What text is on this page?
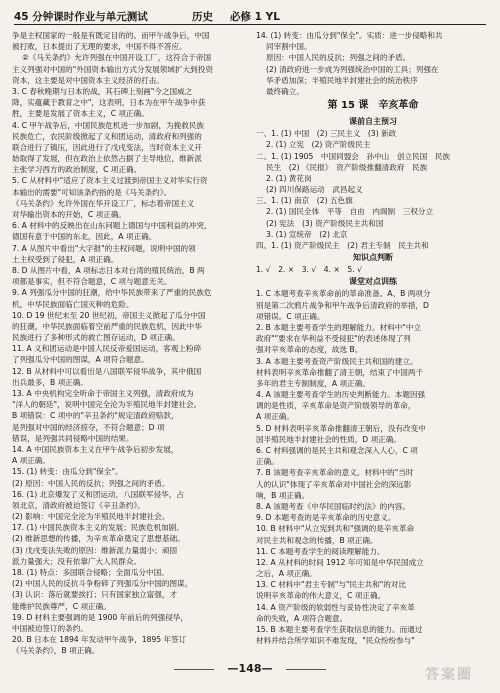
45 分钟课时作业与单元测试	历史 必修 1 YL
争是主权国家的一般是有既定目的的。而甲午战争后，中国
被打败，日本提出了无理的要求，中国不得不答应。
②《马关条约》允许列强在中国开设工厂，这符合于帝国
主义列强对中国的"外国资本输出方式分发展领域扩大到投资
资本，这主要是对中国资本主义经济的打击。
3. C 春秋晚期与日本的战，其石碑上刻画"今之国威之
降，实蕴藏于教育之中"，这表明，日本为在甲午战争中获
胜，主要是发展了资本主义，C 项正确。
4. C 甲午战争后，中国民族危机进一步加剧，为挽救民族
民族危亡，农民阶级掀起了义和团运动，清政府和列强的
联合进行了镇压，因此进行了戊戌变法，当时资本主义开
始取得了发展，但在政治上依然占据了主导地位，维新派
主张学习西方的政治制度，C 项正确。
5. C 从材料中"适应了资本主义过渡到帝国主义对华实行资
本输出的需要"可知该条约指的是《马关条约》。
《马关条约》允许外国在华开设工厂，标志着帝国主义
对华输出资本的开始，C 项正确。
6. A 材料中的反映出在山东问题上德国与中国利益的冲突，
德国有意于中国的东北，因此，A 项正确。
7. A 从图片中看出"大字报"的主权问题，说明中国的领
土主权受到了侵犯，A 项正确。
8. D 从图片中看，A 项标志日本对台湾的殖民统治，B 两
项都是事实，但不符合题意，C 项与题意无关。
9. A 列强瓜分中国的狂潮，给中华民族带来了严重的民族危
机，中华民族面临亡国灭种的危险。
10. D 19 世纪末至 20 世纪初，帝国主义掀起了瓜分中国
的狂潮，中华民族面临着空前严重的民族危机，因此中华
民族进行了多种形式的救亡图存运动，D 项正确。
11. A 义和团运动是中国人民反帝爱国运动，客观上粉碎
了列强瓜分中国的图谋，A 项符合题意。
12. B 从材料中可以看出是八国联军侵华战争，其中俄国
出兵最多，B 项正确。
13. A 中央机构完全听命于帝国主义列强，清政府成为
"洋人的朝廷"，说明中国完全沦为半殖民地半封建社会。
B 项错误：C 项中的"辛丑条约"规定清政府赔款，
是列强对中国的经济掠夺，不符合题意；D 项
错误，是列强共同侵略中国的结果。
14. A 中国民族资本主义在甲午战争后初步发展，
A 项正确。
15. (1) 转变：由瓜分到"保全"。
(2) 原因：中国人民的反抗；列强之间的矛盾。
16. (1) 北京爆发了义和团运动，八国联军侵华，占
领北京，清政府被迫签订《辛丑条约》。
(2) 影响：中国完全沦为半殖民地半封建社会。
17. (1) 中国民族资本主义的发展；民族危机加剧。
(2) 维新思想的传播，为辛亥革命奠定了思想基础。
(3) 戊戌变法失败的原因：维新派力量弱小；顽固
派力量强大；没有依靠广大人民群众。
18. (1) 特点：多国联合侵略；全面瓜分中国。
(2) 中国人民的反抗斗争粉碎了列强瓜分中国的图谋。
(3) 认识：落后就要挨打；只有国家独立富强，才
能维护民族尊严，C 项正确。
19. D 材料主要强调的是 1900 年前后的列强侵华，
中国被迫签订的条约。
20. B 日本在 1894 年发动甲午战争，1895 年签订
《马关条约》，B 项正确。
14. (1) 转变：由瓜分到"保全"。实质：进一步侵略和共
同宰割中国。
原因：中国人民的反抗；列强之间的矛盾。
(2) 清政府进一步成为列强统治中国的工具；列强在
华矛盾加深；半殖民地半封建社会的统治秩序
最终确立。
第 15 课　辛亥革命
课前自主预习
一、1. (1) 中国　(2) 三民主义　(3) 新政
2. (1) 立宪　(2) 资产阶级民主
二、1. (1) 1905　中国同盟会　孙中山　创立民国　民族
民生　(2) 《民报》　资产阶级推翻清政府　民族
2. (1) 黄花岗
(2) 四川保路运动　武昌起义
三、1. (1) 南京　(2) 五色旗
2. (1) 国民全体　平等　自由　内阁制　三权分立
(2) 宪法　(3) 资产阶级民主共和国
3. (1) 宣统帝　(2) 北京
四、1. (1) 资产阶级民主　(2) 君主专制　民主共和
知识点判断
1. √　2. ×　3. √　4. ×　5. √
课堂对点训练
1. C 本题考查辛亥革命前的革命准备。A、B 两项分
别是第二次鸦片战争和甲午战争后清政府的举措，D
项错误。C 项正确。
2. B 本题主要考查学生的理解能力。材料中"中立
政府""要求在华利益不受侵犯"的表述体现了列
强对辛亥革命的态度，故选 B。
3. A 本题主要考查资产阶级民主共和国的建立。
材料表明辛亥革命推翻了清王朝，结束了中国两千
多年的君主专制制度，A 项正确。
4. A 该题主要考查学生的历史判断能力。本题因强
调的是性质，辛亥革命是资产阶级领导的革命，
A 项正确。
5. D 材料表明辛亥革命推翻清王朝后，没有改变中
国半殖民地半封建社会的性质，D 项正确。
6. C 材料强调的是民主共和观念深入人心，C 项
正确。
7. B 该题考查辛亥革命的意义。材料中的"当时
人的认识"体现了辛亥革命对中国社会的深远影
响，B 项正确。
8. A 该题考查《中华民国临时约法》的内容。
9. D 本题考查的是辛亥革命的历史意义。
10. B 材料中"从立宪到共和"强调的是辛亥革命
对民主共和观念的传播，B 项正确。
11. C 本题考查学生的阅读理解能力。
12. A 从材料的时间 1912 年可知是中华民国成立
之后，A 项正确。
13. C 材料中"君主专制"与"民主共和"的对比
说明辛亥革命的伟大意义，C 项正确。
14. A 资产阶级的软弱性与妥协性决定了辛亥革
命的失败，A 项符合题意。
15. B 本题主要考查学生获取信息的能力。而通过
材料并结合所学知识不难发现，"民众纷纷参与"
—148—	答案圈
